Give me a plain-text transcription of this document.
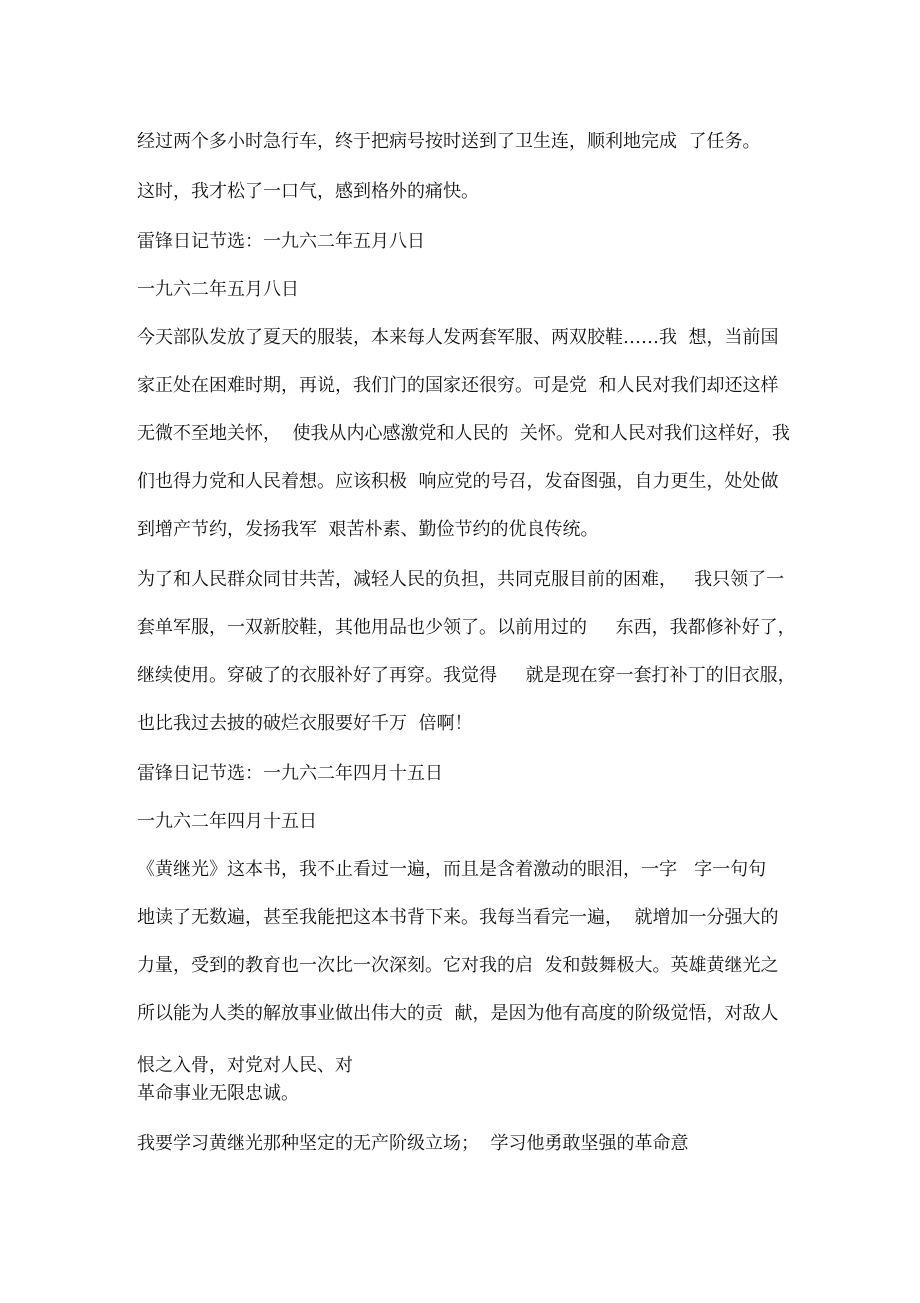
经过两个多小时急行车，终于把病号按时送到了卫生连，顺利地完成  了任务。

这时，我才松了一口气，感到格外的痛快。

雷锋日记节选：一九六二年五月八日

一九六二年五月八日

今天部队发放了夏天的服装，本来每人发两套军服、两双胶鞋……我  想，当前国

家正处在困难时期，再说，我们门的国家还很穷。可是党  和人民对我们却还这样

无微不至地关怀，  使我从内心感激党和人民的  关怀。党和人民对我们这样好，我

们也得力党和人民着想。应该积极  响应党的号召，发奋图强，自力更生，处处做

到增产节约，发扬我军  艰苦朴素、勤俭节约的优良传统。

为了和人民群众同甘共苦，减轻人民的负担，共同克服目前的困难，   我只领了一

套单军服，一双新胶鞋，其他用品也少领了。以前用过的     东西，我都修补好了，

继续使用。穿破了的衣服补好了再穿。我觉得     就是现在穿一套打补丁的旧衣服，

也比我过去披的破烂衣服要好千万  倍啊！

雷锋日记节选：一九六二年四月十五日

一九六二年四月十五日

《黄继光》这本书，我不止看过一遍，而且是含着激动的眼泪，一字   字一句句

地读了无数遍，甚至我能把这本书背下来。我每当看完一遍，  就增加一分强大的

力量，受到的教育也一次比一次深刻。它对我的启  发和鼓舞极大。英雄黄继光之

所以能为人类的解放事业做出伟大的贡  献，是因为他有高度的阶级觉悟，对敌人

恨之入骨，对党对人民、对

革命事业无限忠诚。

我要学习黄继光那种坚定的无产阶级立场；  学习他勇敢坚强的革命意
